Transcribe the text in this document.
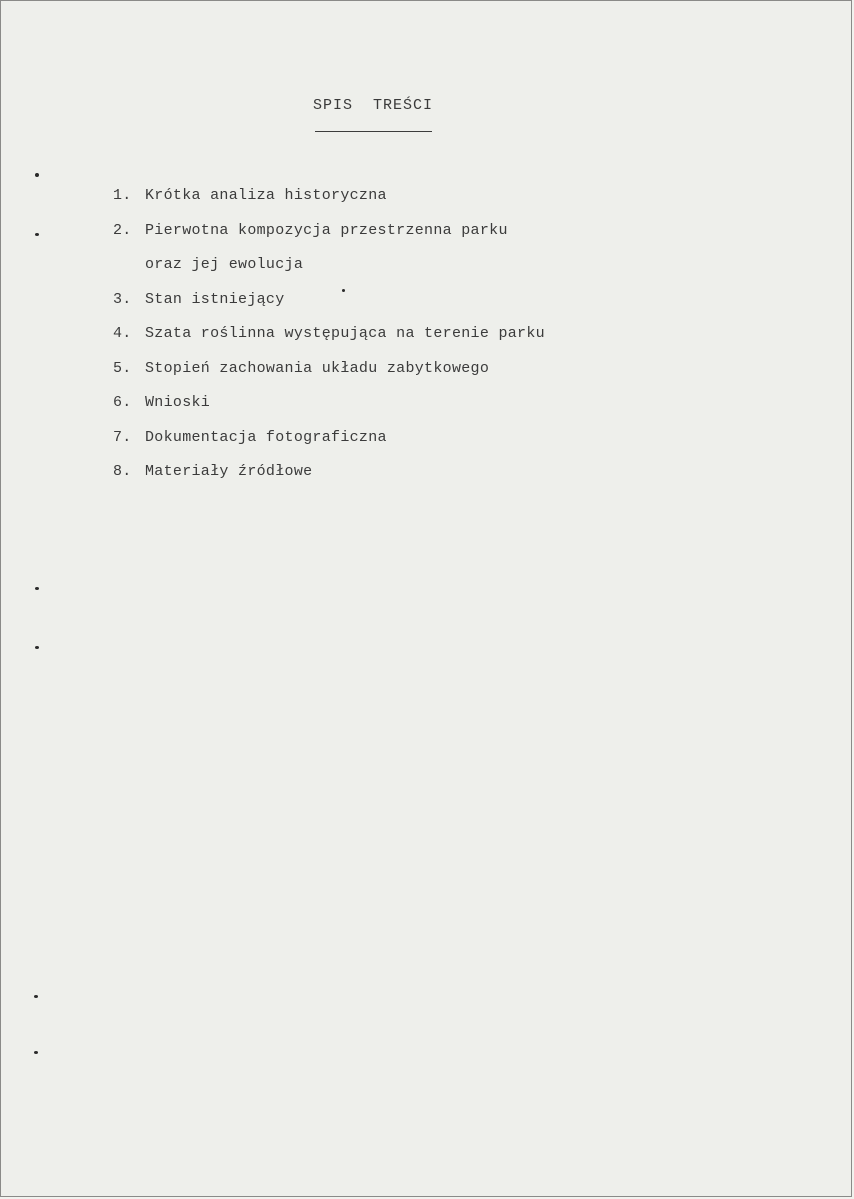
SPIS  TREŚCI
1. Krótka analiza historyczna
2. Pierwotna kompozycja przestrzenna parku
oraz jej ewolucja
3. Stan istniejący
4. Szata roślinna występująca na terenie parku
5. Stopień zachowania układu zabytkowego
6. Wnioski
7. Dokumentacja fotograficzna
8. Materiały źródłowe
